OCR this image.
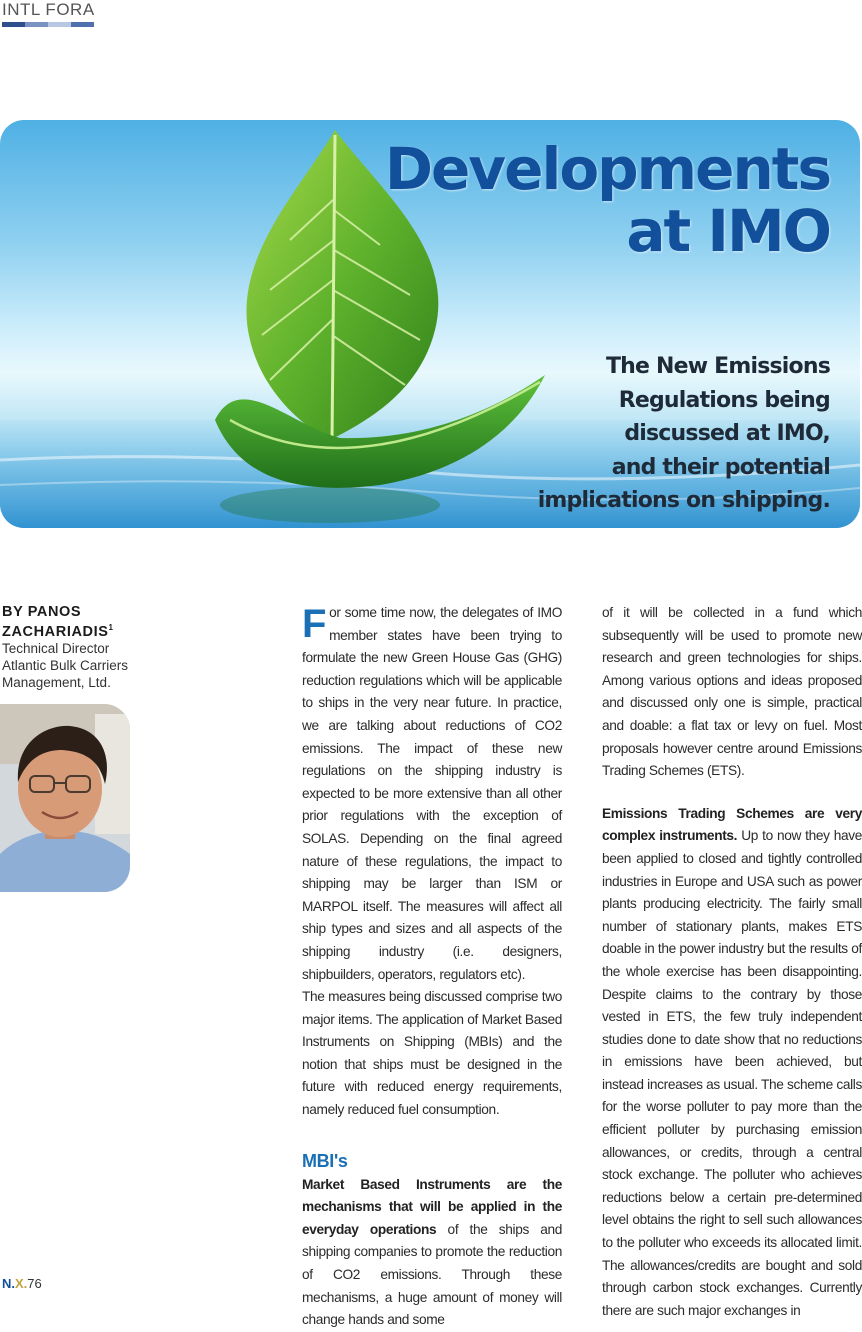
INTL FORA
Developments
at IMO
The New Emissions
Regulations being
discussed at IMO,
and their potential
implications on shipping.
BY PANOS ZACHARIADIS$^1$
Technical Director
Atlantic Bulk Carriers
Management, Ltd.

For some time now, the delegates of IMO member states have been trying to formulate the new Green House Gas (GHG) reduction regulations which will be applicable to ships in the very near future. In practice, we are talking about reductions of CO2 emissions. The impact of these new regulations on the shipping industry is expected to be more extensive than all other prior regulations with the exception of SOLAS. Depending on the final agreed nature of these regulations, the impact to shipping may be larger than ISM or MARPOL itself. The measures will affect all ship types and sizes and all aspects of the shipping industry (i.e. designers, shipbuilders, operators, regulators etc).

The measures being discussed comprise two major items. The application of Market Based Instruments on Shipping (MBIs) and the notion that ships must be designed in the future with reduced energy requirements, namely reduced fuel consumption.

MBI's

Market Based Instruments are the mechanisms that will be applied in the everyday operations of the ships and shipping companies to promote the reduction of CO2 emissions. Through these mechanisms, a huge amount of money will change hands and some

of it will be collected in a fund which subsequently will be used to promote new research and green technologies for ships. Among various options and ideas proposed and discussed only one is simple, practical and doable: a flat tax or levy on fuel. Most proposals however centre around Emissions Trading Schemes (ETS).

Emissions Trading Schemes are very complex instruments. Up to now they have been applied to closed and tightly controlled industries in Europe and USA such as power plants producing electricity. The fairly small number of stationary plants, makes ETS doable in the power industry but the results of the whole exercise has been disappointing. Despite claims to the contrary by those vested in ETS, the few truly independent studies done to date show that no reductions in emissions have been achieved, but instead increases as usual. The scheme calls for the worse polluter to pay more than the efficient polluter by purchasing emission allowances, or credits, through a central stock exchange. The polluter who achieves reductions below a certain pre-determined level obtains the right to sell such allowances to the polluter who exceeds its allocated limit. The allowances/credits are bought and sold through carbon stock exchanges. Currently there are such major exchanges in

N.X.76
